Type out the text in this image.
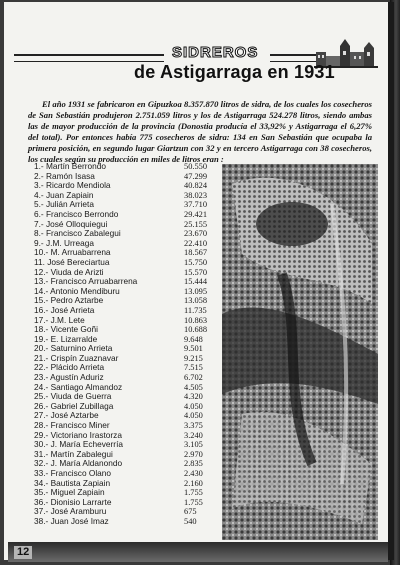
SIDREROS
de Astigarraga en 1931

El año 1931 se fabricaron en Gipuzkoa 8.357.870 litros de sidra, de los cuales los cosecheros de San Sebastián produjeron 2.751.059 litros y los de Astigarraga 524.278 litros, siendo ambas las de mayor producción de la provincia (Donostia producía el 33,92% y Astigarraga el 6,27% del total). Por entonces había 775 cosecheros de sidra: 134 en San Sebastián que ocupaba la primera posición, en segundo lugar Giartzun con 32 y en tercero Astigarraga con 38 cosecheros, los cuales según su producción en miles de litros eran :

1.- Martín Berrondo	50.550
2.- Ramón Isasa	47.299
3.- Ricardo Mendiola	40.824
4.- Juan Zapiain	38.023
5.- Julián Arrieta	37.710
6.- Francisco Berrondo	29.421
7.- José Olloquiegui	25.155
8.- Francisco Zabalegui	23.670
9.- J.M. Urreaga	22.410
10.- M. Arruabarrena	18.567
11. José Bereciartua	15.750
12.- Viuda de Arizti	15.570
13.- Francisco Arruabarrena	15.444
14.- Antonio Mendiburu	13.095
15.- Pedro Aztarbe	13.058
16.- José Arrieta	11.735
17.- J.M. Lete	10.863
18.- Vicente Goñi	10.688
19.- E. Lizarralde	9.648
20.- Saturnino Arrieta	9.501
21.- Crispín Zuaznavar	9.215
22.- Plácido Arrieta	7.515
23.- Agustín Aduriz	6.702
24.- Santiago Almandoz	4.505
25.- Viuda de Guerra	4.320
26.- Gabriel Zubillaga	4.050
27.- José Aztarbe	4.050
28.- Francisco Miner	3.375
29.- Victoriano Irastorza	3.240
30.- J. María Echeverría	3.105
31.- Martín Zabalegui	2.970
32.- J. María Aldanondo	2.835
33.- Francisco Olano	2.430
34.- Bautista Zapiain	2.160
35.- Miguel Zapiain	1.755
36.- Dionisio Larrarte	1.755
37.- José Aramburu	675
38.- Juan José Imaz	540
12
